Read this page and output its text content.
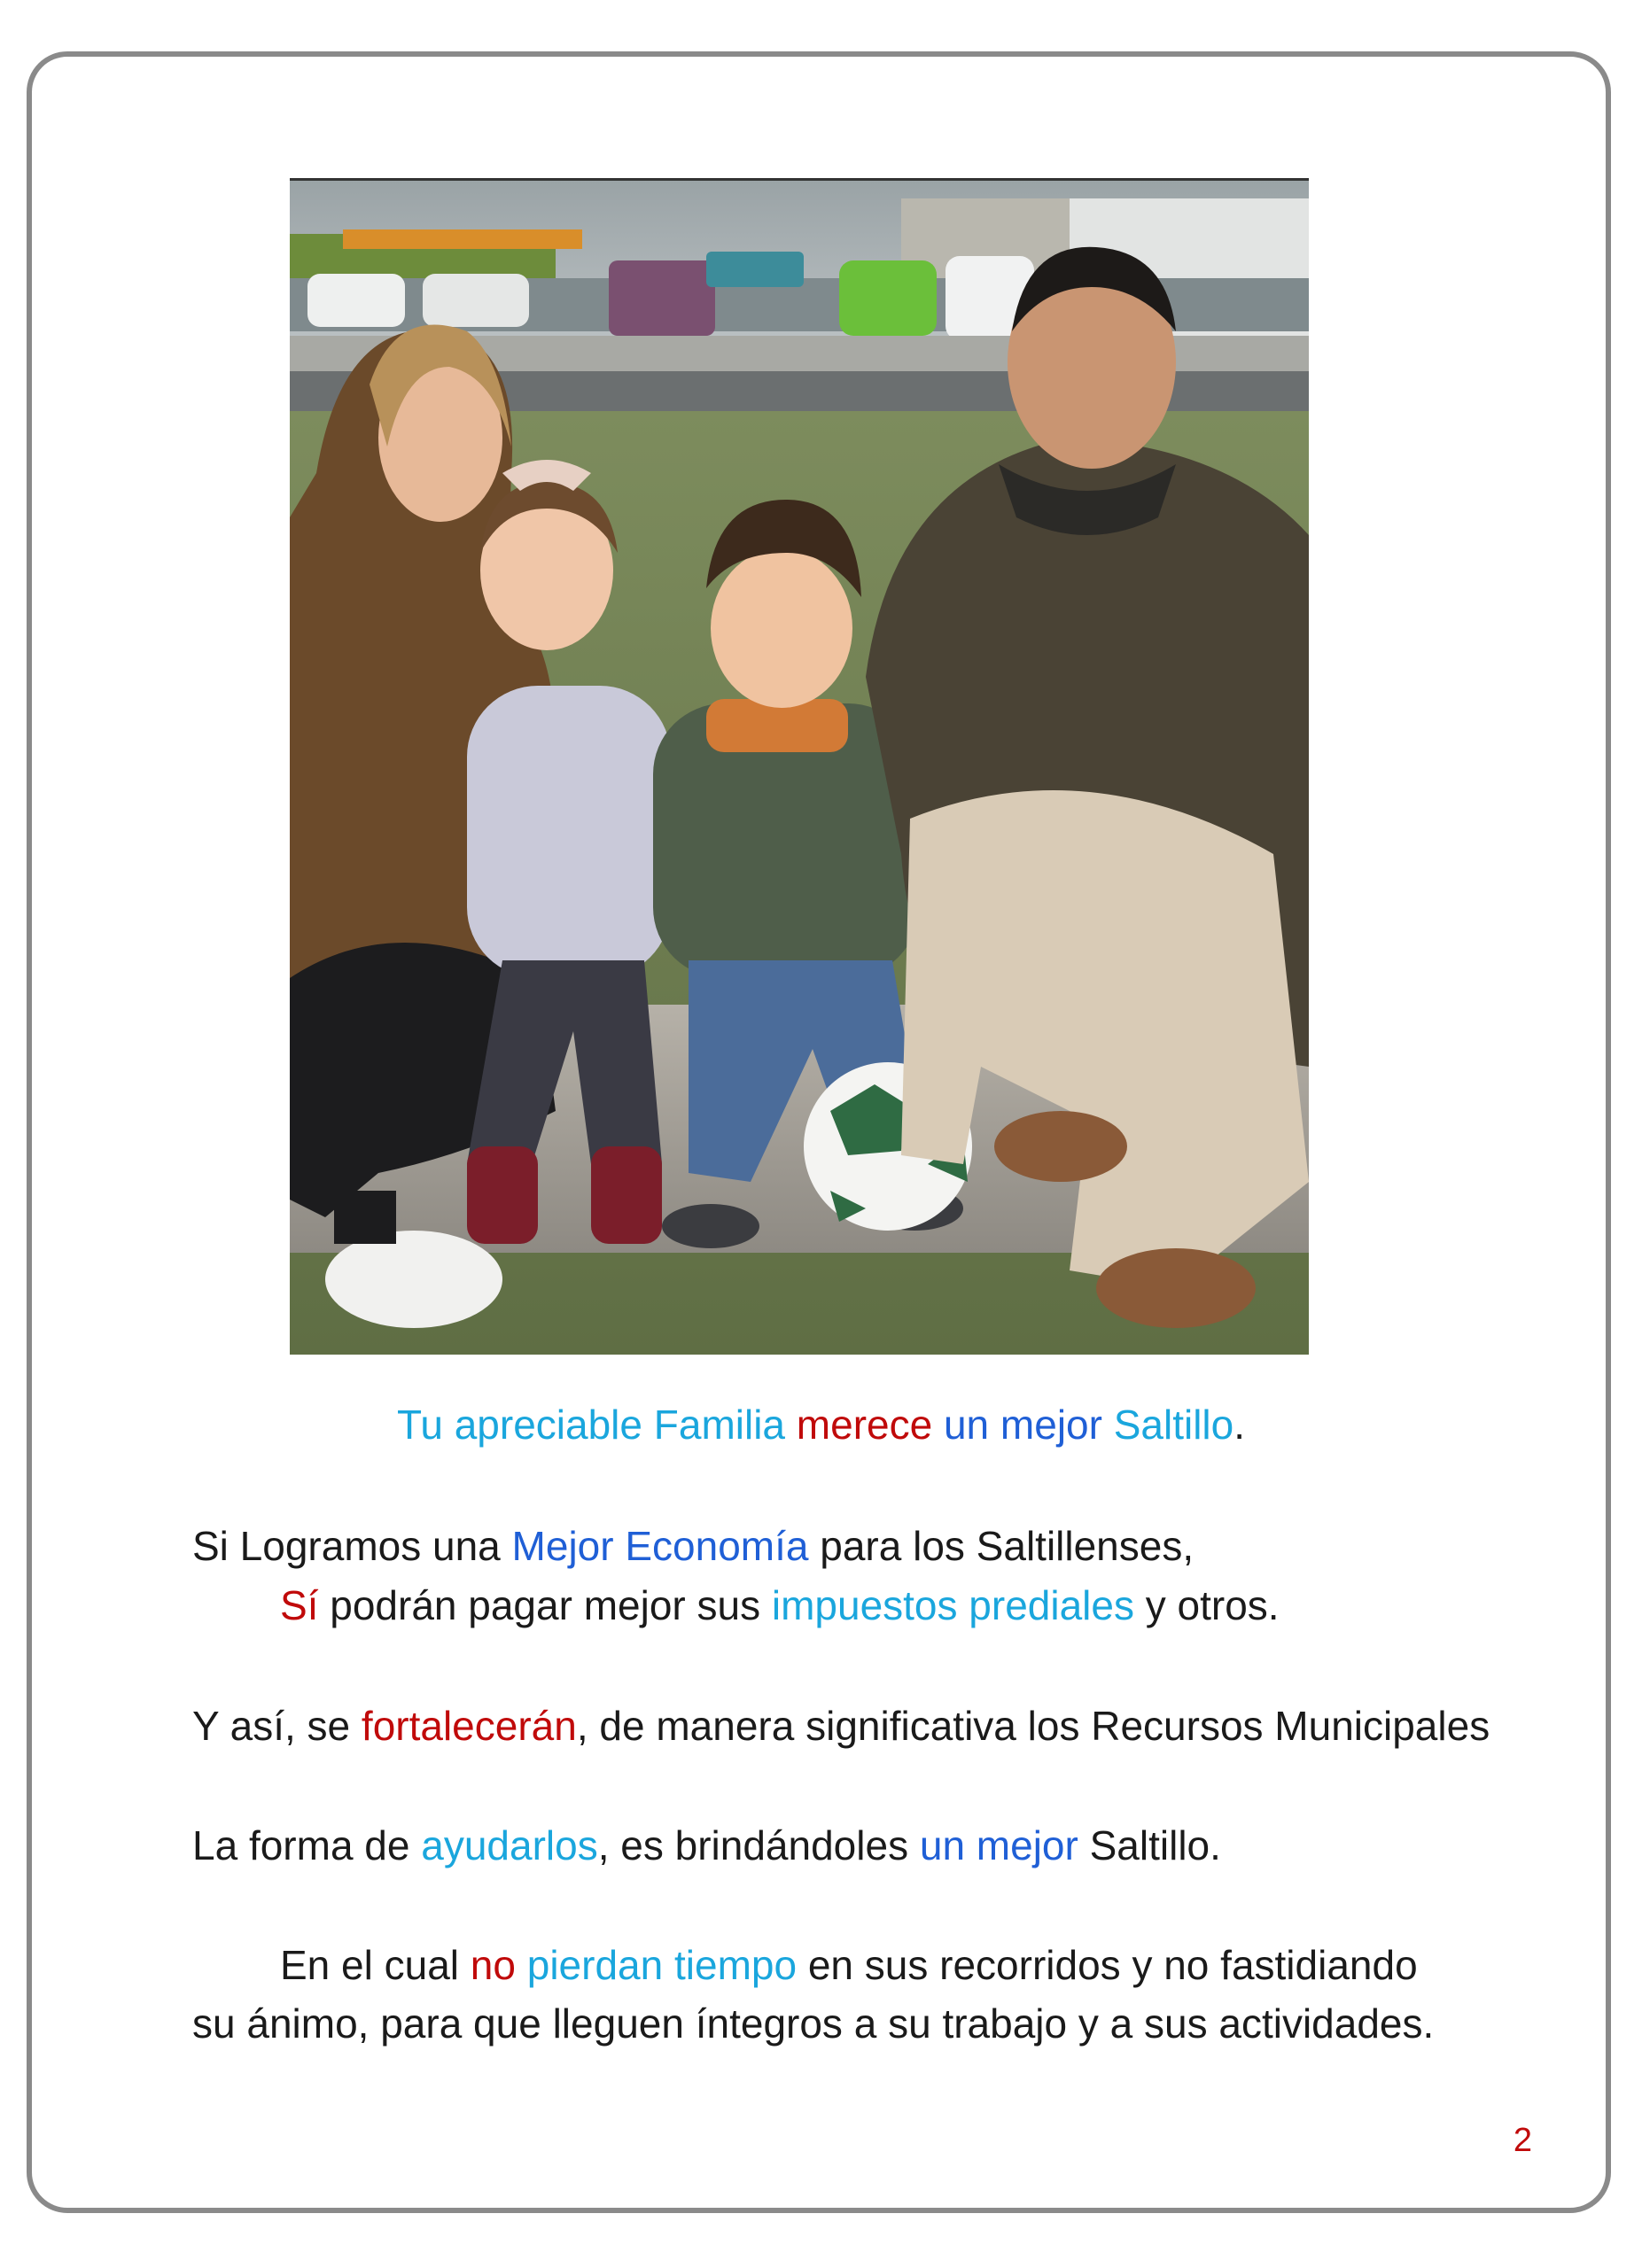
Tu apreciable Familia merece un mejor Saltillo.
Si Logramos una Mejor Economía para los Saltillenses,
Sí podrán pagar mejor sus impuestos prediales y otros.
Y así, se fortalecerán, de manera significativa los Recursos Municipales
La forma de ayudarlos, es brindándoles un mejor Saltillo.
En el cual no pierdan tiempo en sus recorridos y no fastidiando
su ánimo, para que lleguen íntegros a su trabajo y a sus actividades.
2
